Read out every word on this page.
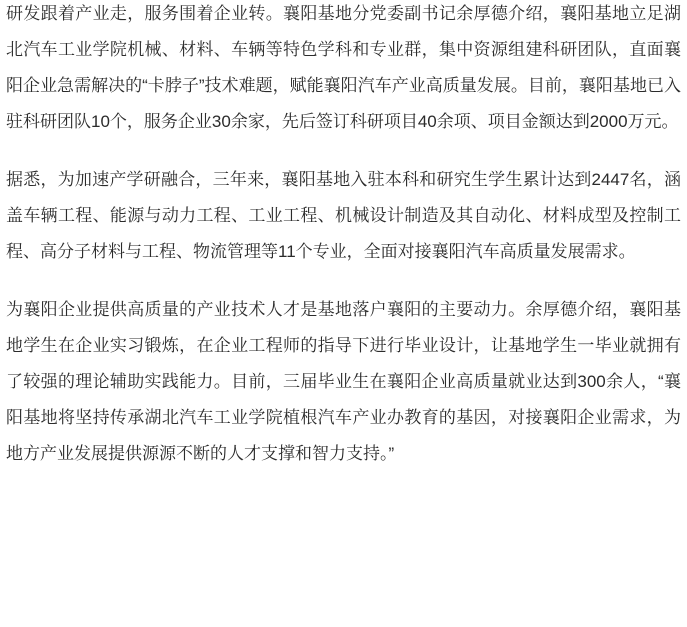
研发跟着产业走，服务围着企业转。襄阳基地分党委副书记余厚德介绍，襄阳基地立足湖北汽车工业学院机械、材料、车辆等特色学科和专业群，集中资源组建科研团队，直面襄阳企业急需解决的“卡脖子”技术难题，赋能襄阳汽车产业高质量发展。目前，襄阳基地已入驻科研团队10个，服务企业30余家，先后签订科研项目40余项、项目金额达到2000万元。

据悉，为加速产学研融合，三年来，襄阳基地入驻本科和研究生学生累计达到2447名，涵盖车辆工程、能源与动力工程、工业工程、机械设计制造及其自动化、材料成型及控制工程、高分子材料与工程、物流管理等11个专业，全面对接襄阳汽车高质量发展需求。

为襄阳企业提供高质量的产业技术人才是基地落户襄阳的主要动力。余厚德介绍，襄阳基地学生在企业实习锻炼，在企业工程师的指导下进行毕业设计，让基地学生一毕业就拥有了较强的理论辅助实践能力。目前，三届毕业生在襄阳企业高质量就业达到300余人，“襄阳基地将坚持传承湖北汽车工业学院植根汽车产业办教育的基因，对接襄阳企业需求，为地方产业发展提供源源不断的人才支撑和智力支持。”
